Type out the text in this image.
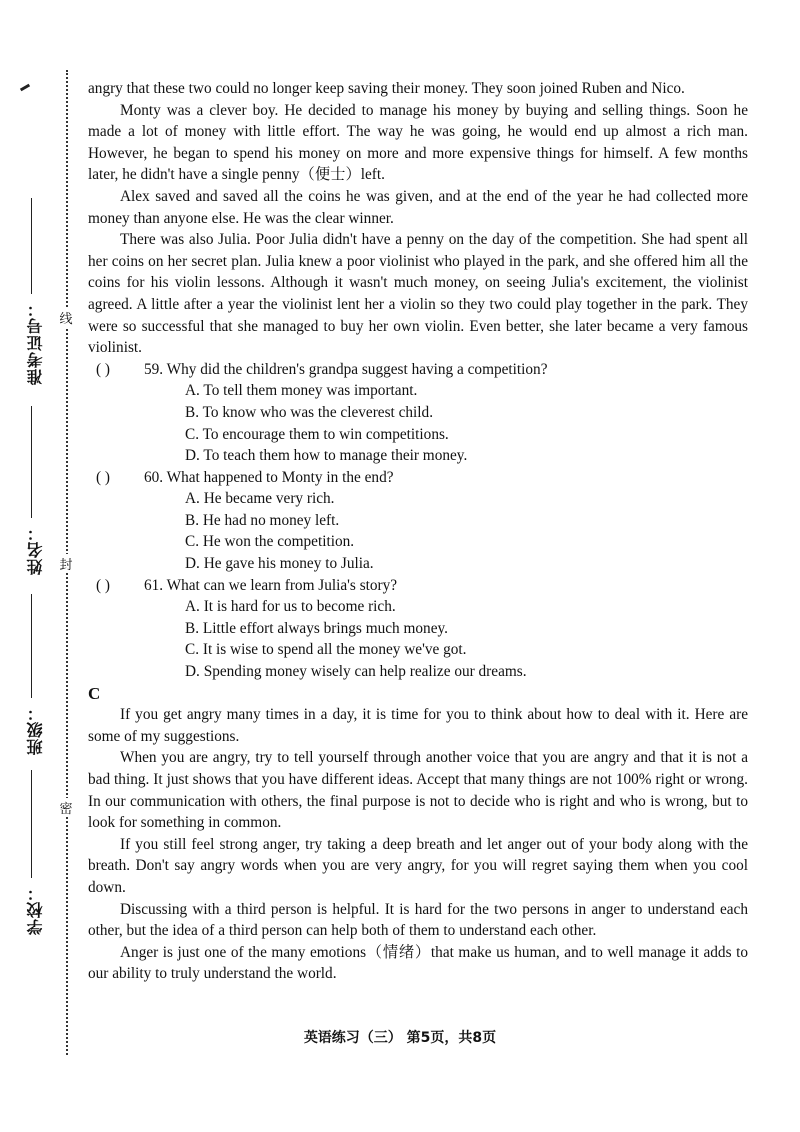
准考证号：
姓名：
班级：
学校：
线
封
密

angry that these two could no longer keep saving their money. They soon joined Ruben and Nico.

Monty was a clever boy. He decided to manage his money by buying and selling things. Soon he made a lot of money with little effort. The way he was going, he would end up almost a rich man. However, he began to spend his money on more and more expensive things for himself. A few months later, he didn't have a single penny（便士）left.

Alex saved and saved all the coins he was given, and at the end of the year he had collected more money than anyone else. He was the clear winner.

There was also Julia. Poor Julia didn't have a penny on the day of the competition. She had spent all her coins on her secret plan. Julia knew a poor violinist who played in the park, and she offered him all the coins for his violin lessons. Although it wasn't much money, on seeing Julia's excitement, the violinist agreed. A little after a year the violinist lent her a violin so they two could play together in the park. They were so successful that she managed to buy her own violin. Even better, she later became a very famous violinist.

( ) 59. Why did the children's grandpa suggest having a competition?

A. To tell them money was important.

B. To know who was the cleverest child.

C. To encourage them to win competitions.

D. To teach them how to manage their money.

( ) 60. What happened to Monty in the end?

A. He became very rich.

B. He had no money left.

C. He won the competition.

D. He gave his money to Julia.

( ) 61. What can we learn from Julia's story?

A. It is hard for us to become rich.

B. Little effort always brings much money.

C. It is wise to spend all the money we've got.

D. Spending money wisely can help realize our dreams.

C

If you get angry many times in a day, it is time for you to think about how to deal with it. Here are some of my suggestions.

When you are angry, try to tell yourself through another voice that you are angry and that it is not a bad thing. It just shows that you have different ideas. Accept that many things are not 100% right or wrong. In our communication with others, the final purpose is not to decide who is right and who is wrong, but to look for something in common.

If you still feel strong anger, try taking a deep breath and let anger out of your body along with the breath. Don't say angry words when you are very angry, for you will regret saying them when you cool down.

Discussing with a third person is helpful. It is hard for the two persons in anger to understand each other, but the idea of a third person can help both of them to understand each other.

Anger is just one of the many emotions（情绪）that make us human, and to well manage it adds to our ability to truly understand the world.

英语练习（三） 第5页，共8页
